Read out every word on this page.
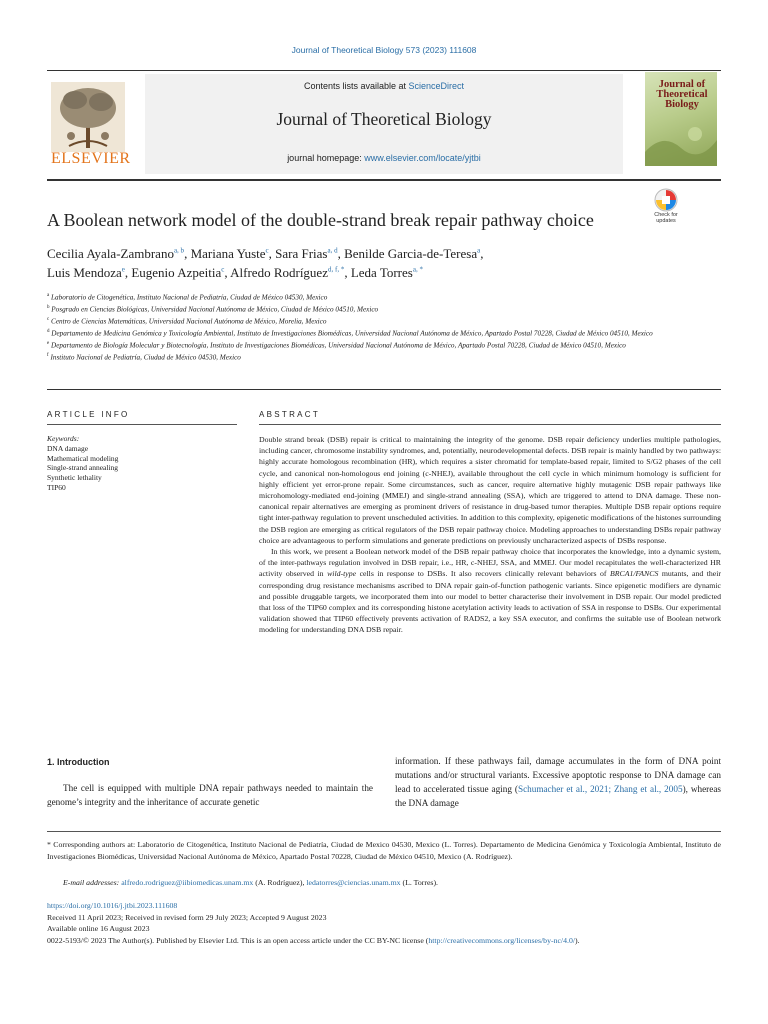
Journal of Theoretical Biology 573 (2023) 111608
ELSEVIER
Contents lists available at ScienceDirect
Journal of Theoretical Biology
journal homepage: www.elsevier.com/locate/yjtbi
Journal of Theoretical Biology
A Boolean network model of the double-strand break repair pathway choice	Check for updates
Cecilia Ayala-Zambrano$^{a, b}$, Mariana Yuste$^c$, Sara Frias$^{a, d}$, Benilde Garcia-de-Teresa$^a$,
Luis Mendoza$^e$, Eugenio Azpeitia$^c$, Alfredo Rodríguez$^{d, f, *}$, Leda Torres$^{a, *}$
$^a$ Laboratorio de Citogenética, Instituto Nacional de Pediatría, Ciudad de México 04530, Mexico
$^b$ Posgrado en Ciencias Biológicas, Universidad Nacional Autónoma de México, Ciudad de México 04510, Mexico
$^c$ Centro de Ciencias Matemáticas, Universidad Nacional Autónoma de México, Morelia, Mexico
$^d$ Departamento de Medicina Genómica y Toxicología Ambiental, Instituto de Investigaciones Biomédicas, Universidad Nacional Autónoma de México, Apartado Postal 70228, Ciudad de México 04510, Mexico
$^e$ Departamento de Biología Molecular y Biotecnología, Instituto de Investigaciones Biomédicas, Universidad Nacional Autónoma de México, Apartado Postal 70228, Ciudad de México 04510, Mexico
$^f$ Instituto Nacional de Pediatría, Ciudad de México 04530, Mexico
ARTICLE INFO
Keywords:
DNA damage
Mathematical modeling
Single-strand annealing
Synthetic lethality
TIP60
ABSTRACT

Double strand break (DSB) repair is critical to maintaining the integrity of the genome. DSB repair deficiency underlies multiple pathologies, including cancer, chromosome instability syndromes, and, potentially, neurodevelopmental defects. DSB repair is mainly handled by two pathways: highly accurate homologous recombination (HR), which requires a sister chromatid for template-based repair, limited to S/G2 phases of the cell cycle, and canonical non-homologous end joining (c-NHEJ), available throughout the cell cycle in which minimum homology is sufficient for highly efficient yet error-prone repair. Some circumstances, such as cancer, require alternative highly mutagenic DSB repair pathways like microhomology-mediated end-joining (MMEJ) and single-strand annealing (SSA), which are triggered to attend to DNA damage. These non-canonical repair alternatives are emerging as prominent drivers of resistance in drug-based tumor therapies. Multiple DSB repair options require tight inter-pathway regulation to prevent unscheduled activities. In addition to this complexity, epigenetic modifications of the histones surrounding the DSB region are emerging as critical regulators of the DSB repair pathway choice. Modeling approaches to understanding DSBs repair pathway choice are advantageous to perform simulations and generate predictions on previously uncharacterized aspects of DSBs response.

In this work, we present a Boolean network model of the DSB repair pathway choice that incorporates the knowledge, into a dynamic system, of the inter-pathways regulation involved in DSB repair, i.e., HR, c-NHEJ, SSA, and MMEJ. Our model recapitulates the well-characterized HR activity observed in wild-type cells in response to DSBs. It also recovers clinically relevant behaviors of BRCA1/FANCS mutants, and their corresponding drug resistance mechanisms ascribed to DNA repair gain-of-function pathogenic variants. Since epigenetic modifiers are dynamic and possible druggable targets, we incorporated them into our model to better characterise their involvement in DSB repair. Our model predicted that loss of the TIP60 complex and its corresponding histone acetylation activity leads to activation of SSA in response to DSBs. Our experimental validation showed that TIP60 effectively prevents activation of RADS2, a key SSA executor, and confirms the suitable use of Boolean network modeling for understanding DNA DSB repair.

1. Introduction

The cell is equipped with multiple DNA repair pathways needed to maintain the genome’s integrity and the inheritance of accurate genetic

information. If these pathways fail, damage accumulates in the form of DNA point mutations and/or structural variants. Excessive apoptotic response to DNA damage can lead to accelerated tissue aging (Schumacher et al., 2021; Zhang et al., 2005), whereas the DNA damage

* Corresponding authors at: Laboratorio de Citogenética, Instituto Nacional de Pediatría, Ciudad de Mexico 04530, Mexico (L. Torres). Departamento de Medicina Genómica y Toxicología Ambiental, Instituto de Investigaciones Biomédicas, Universidad Nacional Autónoma de México, Apartado Postal 70228, Ciudad de México 04510, Mexico (A. Rodríguez).

E-mail addresses: alfredo.rodriguez@iibiomedicas.unam.mx (A. Rodríguez), ledatorres@ciencias.unam.mx (L. Torres).

https://doi.org/10.1016/j.jtbi.2023.111608

Received 11 April 2023; Received in revised form 29 July 2023; Accepted 9 August 2023

Available online 16 August 2023

0022-5193/© 2023 The Author(s). Published by Elsevier Ltd. This is an open access article under the CC BY-NC license (http://creativecommons.org/licenses/by-nc/4.0/).
